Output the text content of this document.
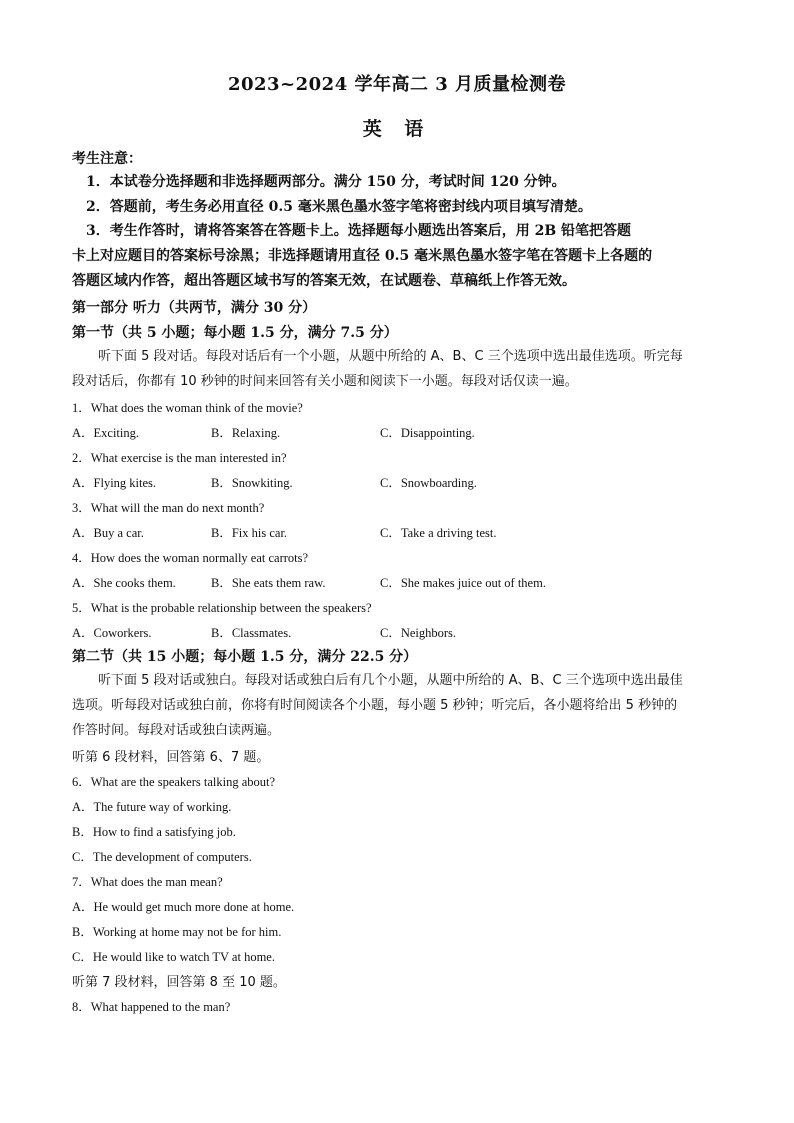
2023~2024 学年高二 3 月质量检测卷
英 语
考生注意：
　1．本试卷分选择题和非选择题两部分。满分 150 分，考试时间 120 分钟。
　2．答题前，考生务必用直径 0.5 毫米黑色墨水签字笔将密封线内项目填写清楚。
　3．考生作答时，请将答案答在答题卡上。选择题每小题选出答案后，用 2B 铅笔把答题
卡上对应题目的答案标号涂黑；非选择题请用直径 0.5 毫米黑色墨水签字笔在答题卡上各题的
答题区域内作答，超出答题区域书写的答案无效，在试题卷、草稿纸上作答无效。
第一部分 听力（共两节，满分 30 分）
第一节（共 5 小题；每小题 1.5 分，满分 7.5 分）
　　听下面 5 段对话。每段对话后有一个小题，从题中所给的 A、B、C 三个选项中选出最佳选项。听完每
段对话后，你都有 10 秒钟的时间来回答有关小题和阅读下一小题。每段对话仅读一遍。
1．What does the woman think of the movie?
A．Exciting.	B．Relaxing.	C．Disappointing.
2．What exercise is the man interested in?
A．Flying kites.	B．Snowkiting.	C．Snowboarding.
3．What will the man do next month?
A．Buy a car.	B．Fix his car.	C．Take a driving test.
4．How does the woman normally eat carrots?
A．She cooks them.	B．She eats them raw.	C．She makes juice out of them.
5．What is the probable relationship between the speakers?
A．Coworkers.	B．Classmates.	C．Neighbors.
第二节（共 15 小题；每小题 1.5 分，满分 22.5 分）
　　听下面 5 段对话或独白。每段对话或独白后有几个小题，从题中所给的 A、B、C 三个选项中选出最佳
选项。听每段对话或独白前，你将有时间阅读各个小题，每小题 5 秒钟；听完后，各小题将给出 5 秒钟的
作答时间。每段对话或独白读两遍。
听第 6 段材料，回答第 6、7 题。
6．What are the speakers talking about?
A．The future way of working.
B．How to find a satisfying job.
C．The development of computers.
7．What does the man mean?
A．He would get much more done at home.
B．Working at home may not be for him.
C．He would like to watch TV at home.
听第 7 段材料，回答第 8 至 10 题。
8．What happened to the man?
